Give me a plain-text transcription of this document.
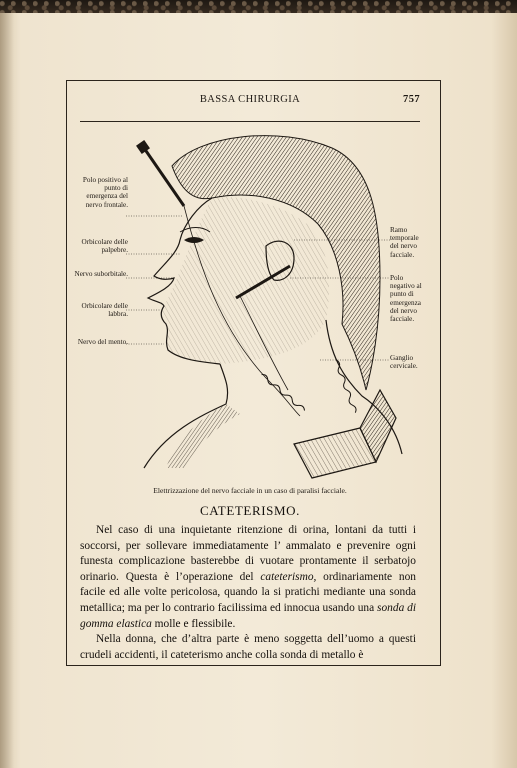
BASSA CHIRURGIA	757
Polo positivo al punto di emergenza del nervo frontale.
Orbicolare delle palpebre.
Nervo suborbitale.
Orbicolare delle labbra.
Nervo del mento.
Ramo temporale del nervo facciale.
Polo negativo al punto di emergenza del nervo facciale.
Ganglio cervicale.
Elettrizzazione del nervo facciale in un caso di paralisi facciale.
CATETERISMO.

Nel caso di una inquietante ritenzione di orina, lontani da tutti i soccorsi, per sollevare immediatamente l’ ammalato e prevenire ogni funesta complicazione basterebbe di vuotare prontamente il serbatojo orinario. Questa è l’operazione del cateterismo, ordinariamente non facile ed alle volte pericolosa, quando la si pratichi mediante una sonda metallica; ma per lo contrario facilissima ed innocua usando una sonda di gomma elastica molle e flessibile.

Nella donna, che d’altra parte è meno soggetta dell’uomo a questi crudeli accidenti, il cateterismo anche colla sonda di metallo è
